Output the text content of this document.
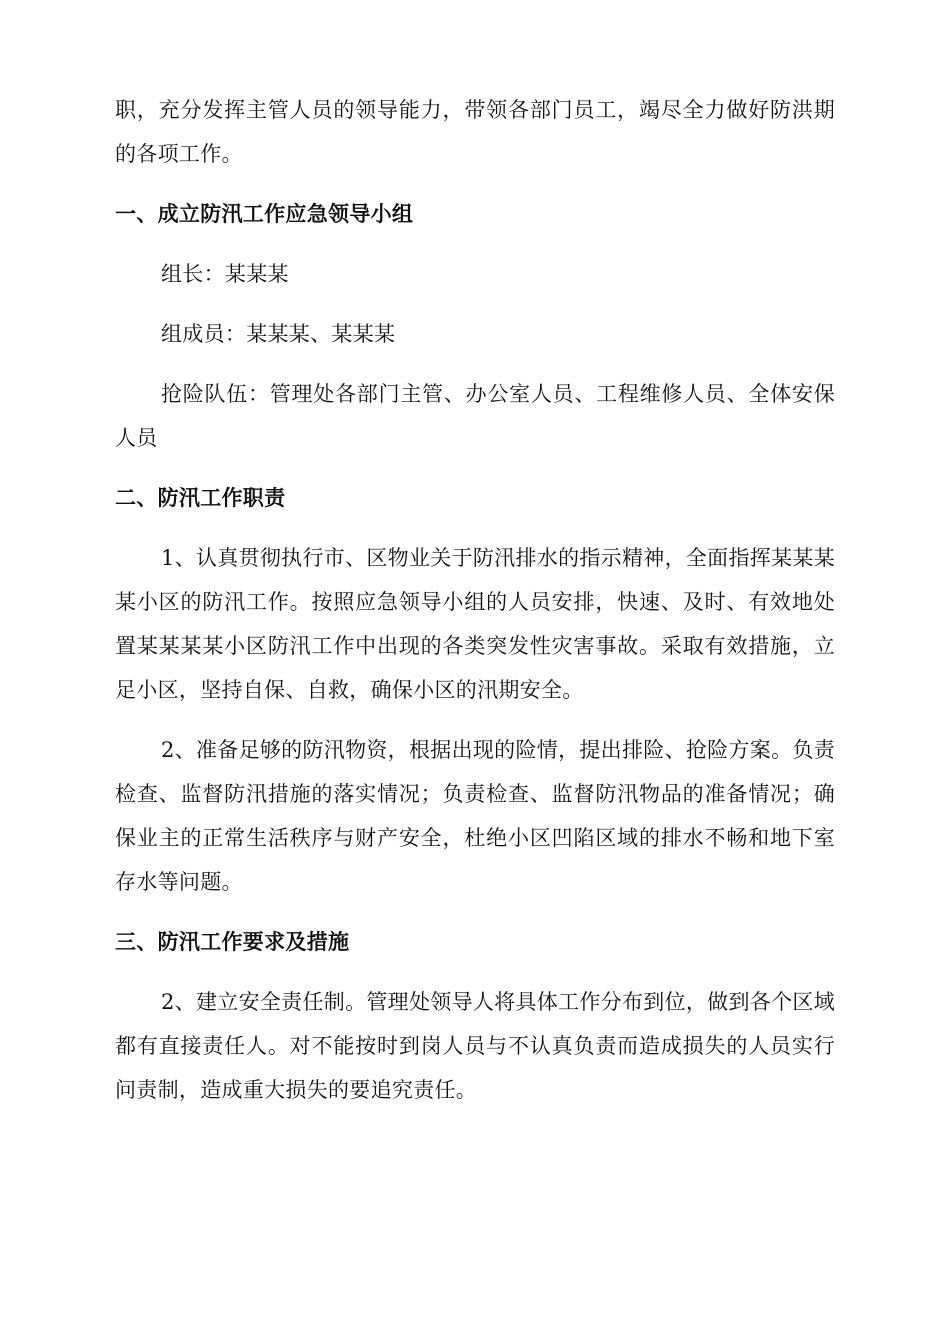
职，充分发挥主管人员的领导能力，带领各部门员工，竭尽全力做好防洪期的各项工作。

一、成立防汛工作应急领导小组

组长：某某某

组成员：某某某、某某某

抢险队伍：管理处各部门主管、办公室人员、工程维修人员、全体安保人员

二、防汛工作职责

1、认真贯彻执行市、区物业关于防汛排水的指示精神，全面指挥某某某某小区的防汛工作。按照应急领导小组的人员安排，快速、及时、有效地处置某某某某小区防汛工作中出现的各类突发性灾害事故。采取有效措施，立足小区，坚持自保、自救，确保小区的汛期安全。

2、准备足够的防汛物资，根据出现的险情，提出排险、抢险方案。负责检查、监督防汛措施的落实情况；负责检查、监督防汛物品的准备情况；确保业主的正常生活秩序与财产安全，杜绝小区凹陷区域的排水不畅和地下室存水等问题。

三、防汛工作要求及措施

2、建立安全责任制。管理处领导人将具体工作分布到位，做到各个区域都有直接责任人。对不能按时到岗人员与不认真负责而造成损失的人员实行问责制，造成重大损失的要追究责任。
